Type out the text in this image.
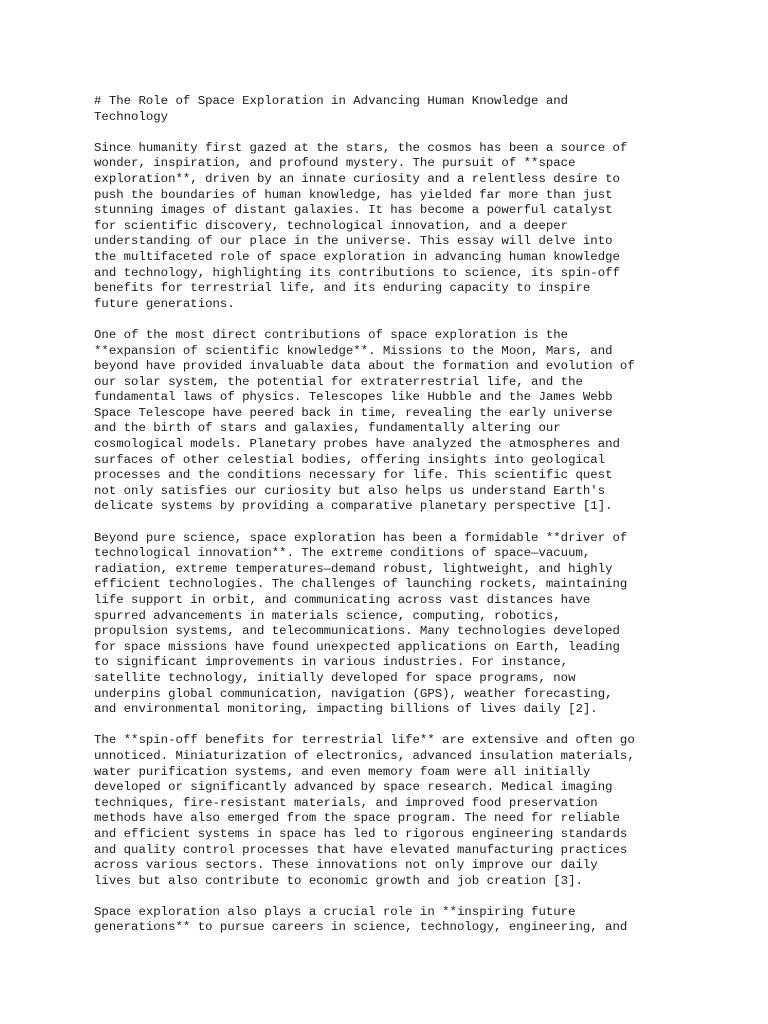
# The Role of Space Exploration in Advancing Human Knowledge and
Technology
Since humanity first gazed at the stars, the cosmos has been a source of
wonder, inspiration, and profound mystery. The pursuit of **space
exploration**, driven by an innate curiosity and a relentless desire to
push the boundaries of human knowledge, has yielded far more than just
stunning images of distant galaxies. It has become a powerful catalyst
for scientific discovery, technological innovation, and a deeper
understanding of our place in the universe. This essay will delve into
the multifaceted role of space exploration in advancing human knowledge
and technology, highlighting its contributions to science, its spin-off
benefits for terrestrial life, and its enduring capacity to inspire
future generations.
One of the most direct contributions of space exploration is the
**expansion of scientific knowledge**. Missions to the Moon, Mars, and
beyond have provided invaluable data about the formation and evolution of
our solar system, the potential for extraterrestrial life, and the
fundamental laws of physics. Telescopes like Hubble and the James Webb
Space Telescope have peered back in time, revealing the early universe
and the birth of stars and galaxies, fundamentally altering our
cosmological models. Planetary probes have analyzed the atmospheres and
surfaces of other celestial bodies, offering insights into geological
processes and the conditions necessary for life. This scientific quest
not only satisfies our curiosity but also helps us understand Earth's
delicate systems by providing a comparative planetary perspective [1].
Beyond pure science, space exploration has been a formidable **driver of
technological innovation**. The extreme conditions of space—vacuum,
radiation, extreme temperatures—demand robust, lightweight, and highly
efficient technologies. The challenges of launching rockets, maintaining
life support in orbit, and communicating across vast distances have
spurred advancements in materials science, computing, robotics,
propulsion systems, and telecommunications. Many technologies developed
for space missions have found unexpected applications on Earth, leading
to significant improvements in various industries. For instance,
satellite technology, initially developed for space programs, now
underpins global communication, navigation (GPS), weather forecasting,
and environmental monitoring, impacting billions of lives daily [2].
The **spin-off benefits for terrestrial life** are extensive and often go
unnoticed. Miniaturization of electronics, advanced insulation materials,
water purification systems, and even memory foam were all initially
developed or significantly advanced by space research. Medical imaging
techniques, fire-resistant materials, and improved food preservation
methods have also emerged from the space program. The need for reliable
and efficient systems in space has led to rigorous engineering standards
and quality control processes that have elevated manufacturing practices
across various sectors. These innovations not only improve our daily
lives but also contribute to economic growth and job creation [3].
Space exploration also plays a crucial role in **inspiring future
generations** to pursue careers in science, technology, engineering, and
